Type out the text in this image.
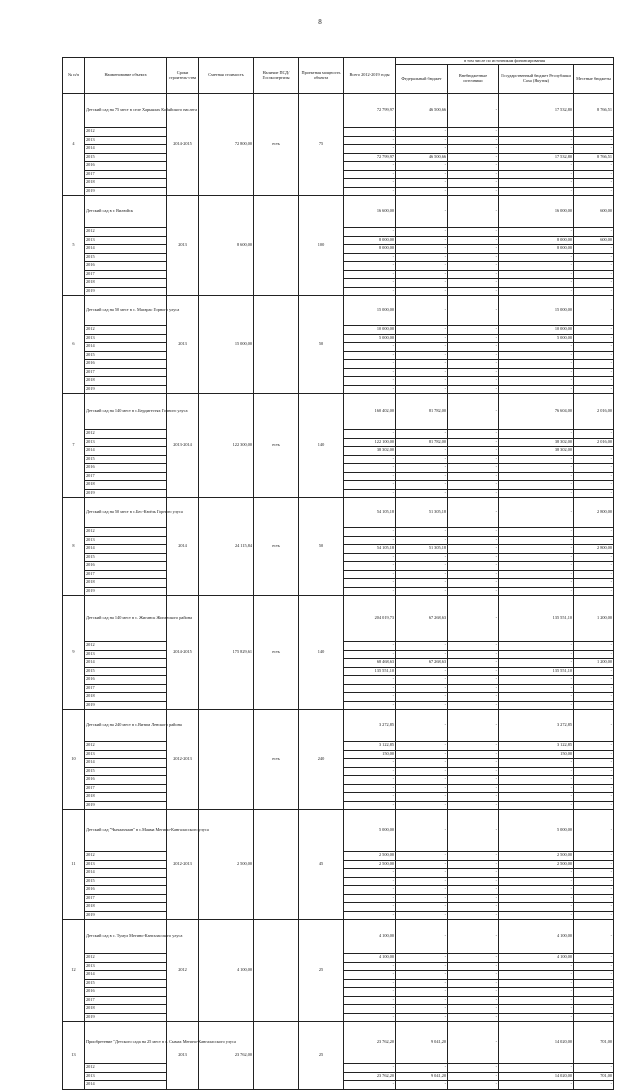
8
№ п/п	Наименование объекта	Сроки строитель-ства	Сметная стоимость	Наличие ПСД/ Госэкспертизы	Проектная мощность объекта	Всего 2012-2019 годы	в том числе по источникам финансирования			
							Федеральный бюджет	Внебюджетные источники	Государственный бюджет Республики Саха (Якутия)	Местные бюджеты
4	Детский сад на 75 мест в селе Харыялах Кобяйского наслега	2014-2015	72 800,00	есть	75	72 799,97	46 500,66	-	17 532,80	8 766,51
	2012					-	-	-	-	-
	2013					-	-	-	-	-
	2014					-	-	-	-	-
	2015					72 799,97	46 500,66	-	17 532,80	8 766,51
	2016					-	-	-	-	-
	2017					-	-	-	-	-
	2018					-	-	-	-	-
	2019					-	-	-	-	-
5	Детский сад в г. Вилюйск	2013	8 600,00		100	16 600,00	-	-	16 000,00	600,00
	2012					-	-	-	-	-
	2013					8 000,00	-	-	8 000,00	600,00
	2014					8 000,00	-	-	8 000,00	-
	2015					-	-	-	-	-
	2016					-	-	-	-	-
	2017					-	-	-	-	-
	2018					-	-	-	-	-
	2019					-	-	-	-	-
6	Детский сад на 50 мест в с. Магарас Горного улуса	2013	15 000,00		50	15 000,00	-	-	15 000,00	-
	2012					10 000,00	-	-	10 000,00	-
	2013					5 000,00	-	-	5 000,00	-
	2014					-	-	-	-	-
	2015					-	-	-	-	-
	2016					-	-	-	-	-
	2017					-	-	-	-	-
	2018					-	-	-	-	-
	2019					-	-	-	-	-
7	Детский сад на 140 мест в с.Бердигестях Горного улуса	2013-2014	122 300,00	есть	140	160 402,00	81 782,00	-	76 604,00	2 016,00
	2012					-	-	-	-	-
	2013					122 100,00	81 782,00	-	38 302,00	2 016,00
	2014					38 302,00	-	-	38 302,00	-
	2015					-	-	-	-	-
	2016					-	-	-	-	-
	2017					-	-	-	-	-
	2018					-	-	-	-	-
	2019					-	-	-	-	-
8	Детский сад на 50 мест в с.Бес-Кюёль Горного улуса	2014	24 115,84	есть	50	54 105,18	51 305,18	-	-	2 800,00
	2012					-	-	-	-	-
	2013					-	-	-	-	-
	2014					54 105,18	51 305,18	-	-	2 800,00
	2015					-	-	-	-	-
	2016					-	-	-	-	-
	2017					-	-	-	-	-
	2018					-	-	-	-	-
	2019					-	-	-	-	-
9	Детский сад на 140 мест в с. Жиганск Жиганского района	2014-2015	175 829,61	есть	140	204 019,73	67 268,63	-	135 551,10	1 200,00
	2012					-	-	-	-	-
	2013					-	-	-	-	-
	2014					68 468,63	67 268,63	-	-	1 200,00
	2015					135 551,10	-	-	135 551,10	-
	2016					-	-	-	-	-
	2017					-	-	-	-	-
	2018					-	-	-	-	-
	2019					-	-	-	-	-
10	Детский сад на 240 мест в с.Витим Ленского района	2012-2013		есть	240	3 272,85	-	-	3 272,85	-
	2012					3 122,85	-	-	3 122,85	-
	2013					150,00	-	-	150,00	-
	2014					-	-	-	-	-
	2015					-	-	-	-	-
	2016					-	-	-	-	-
	2017					-	-	-	-	-
	2018					-	-	-	-	-
	2019					-	-	-	-	-
11	Детский сад "Чычаахчаан" в с.Маяма Мегино-Кангаласского улуса	2012-2013	2 500,00		45	5 000,00	-	-	5 000,00	-
	2012					2 500,00	-	-	2 500,00	-
	2013					2 500,00	-	-	2 500,00	-
	2014					-	-	-	-	-
	2015					-	-	-	-	-
	2016					-	-	-	-	-
	2017					-	-	-	-	-
	2018					-	-	-	-	-
	2019					-	-	-	-	-
12	Детский сад в с. Тумул Мегино-Кангаласского улуса	2012	4 100,00		25	4 100,00	-	-	4 100,00	-
	2012					4 100,00	-	-	4 100,00	-
	2013					-	-	-	-	-
	2014					-	-	-	-	-
	2015					-	-	-	-	-
	2016					-	-	-	-	-
	2017					-	-	-	-	-
	2018					-	-	-	-	-
	2019					-	-	-	-	-
13	Приобретение "Детского сада на 25 мест в с. Сымах Мегино-Кангаласского улуса	2013	23 762,00		25	23 762,20	9 041,20	-	14 020,00	701,00
	2012					-	-	-	-	-
	2013					23 762,20	9 041,20	-	14 020,00	701,00
	2014					-	-	-	-	-
